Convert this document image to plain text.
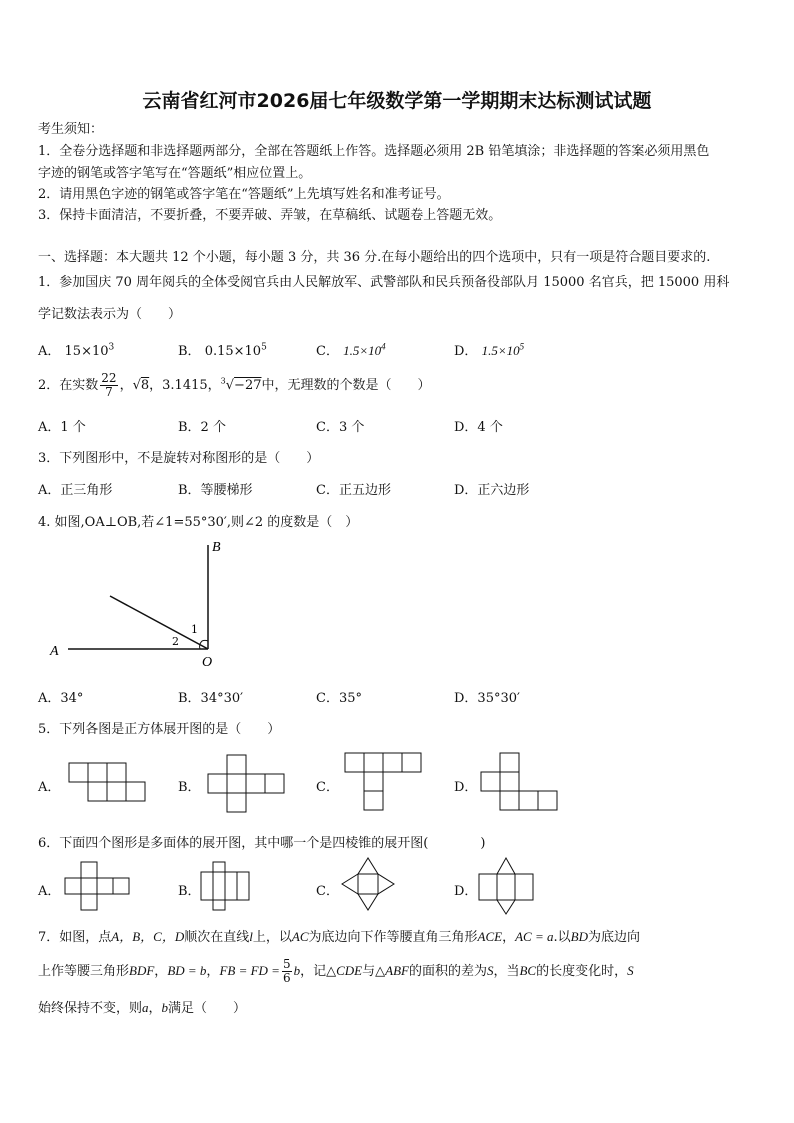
云南省红河市2026届七年级数学第一学期期末达标测试试题
考生须知：
1．全卷分选择题和非选择题两部分，全部在答题纸上作答。选择题必须用 2B 铅笔填涂；非选择题的答案必须用黑色
字迹的钢笔或答字笔写在“答题纸”相应位置上。
2．请用黑色字迹的钢笔或答字笔在“答题纸”上先填写姓名和准考证号。
3．保持卡面清洁，不要折叠，不要弄破、弄皱，在草稿纸、试题卷上答题无效。
一、选择题：本大题共 12 个小题，每小题 3 分，共 36 分.在每小题给出的四个选项中，只有一项是符合题目要求的.
1．参加国庆 70 周年阅兵的全体受阅官兵由人民解放军、武警部队和民兵预备役部队月 15000 名官兵，把 15000 用科
学记数法表示为（　　）
A． $15\times 10^3$	B． $0.15\times 10^5$	C． $1.5\times 10^4$	D． $1.5\times 10^5$
2．在实数 $\frac{22}{7}$ ，√8，3.1415，$^3$√−27中，无理数的个数是（　　）
A．1 个	B．2 个	C．3 个	D．4 个
3．下列图形中，不是旋转对称图形的是（　　）
A．正三角形	B．等腰梯形	C．正五边形	D．正六边形
4. 如图,OA⊥OB,若∠1=55°30′,则∠2 的度数是（　）
A
B
O
1
2
A．34°	B．34°30′	C．35°	D．35°30′
5．下列各图是正方体展开图的是（　　）
A．	B．	C．	D．
6．下面四个图形是多面体的展开图，其中哪一个是四棱锥的展开图(　　　　)
A．	B．	C．	D．
7．如图，点A，B，C，D顺次在直线l上，以AC为底边向下作等腰直角三角形ACE，AC = a.以BD为底边向
上作等腰三角形BDF，BD = b，FB = FD = $\frac{5}{6}$ b，记△CDE与△ABF的面积的差为S，当BC的长度变化时，S
始终保持不变，则a，b满足（　　）
